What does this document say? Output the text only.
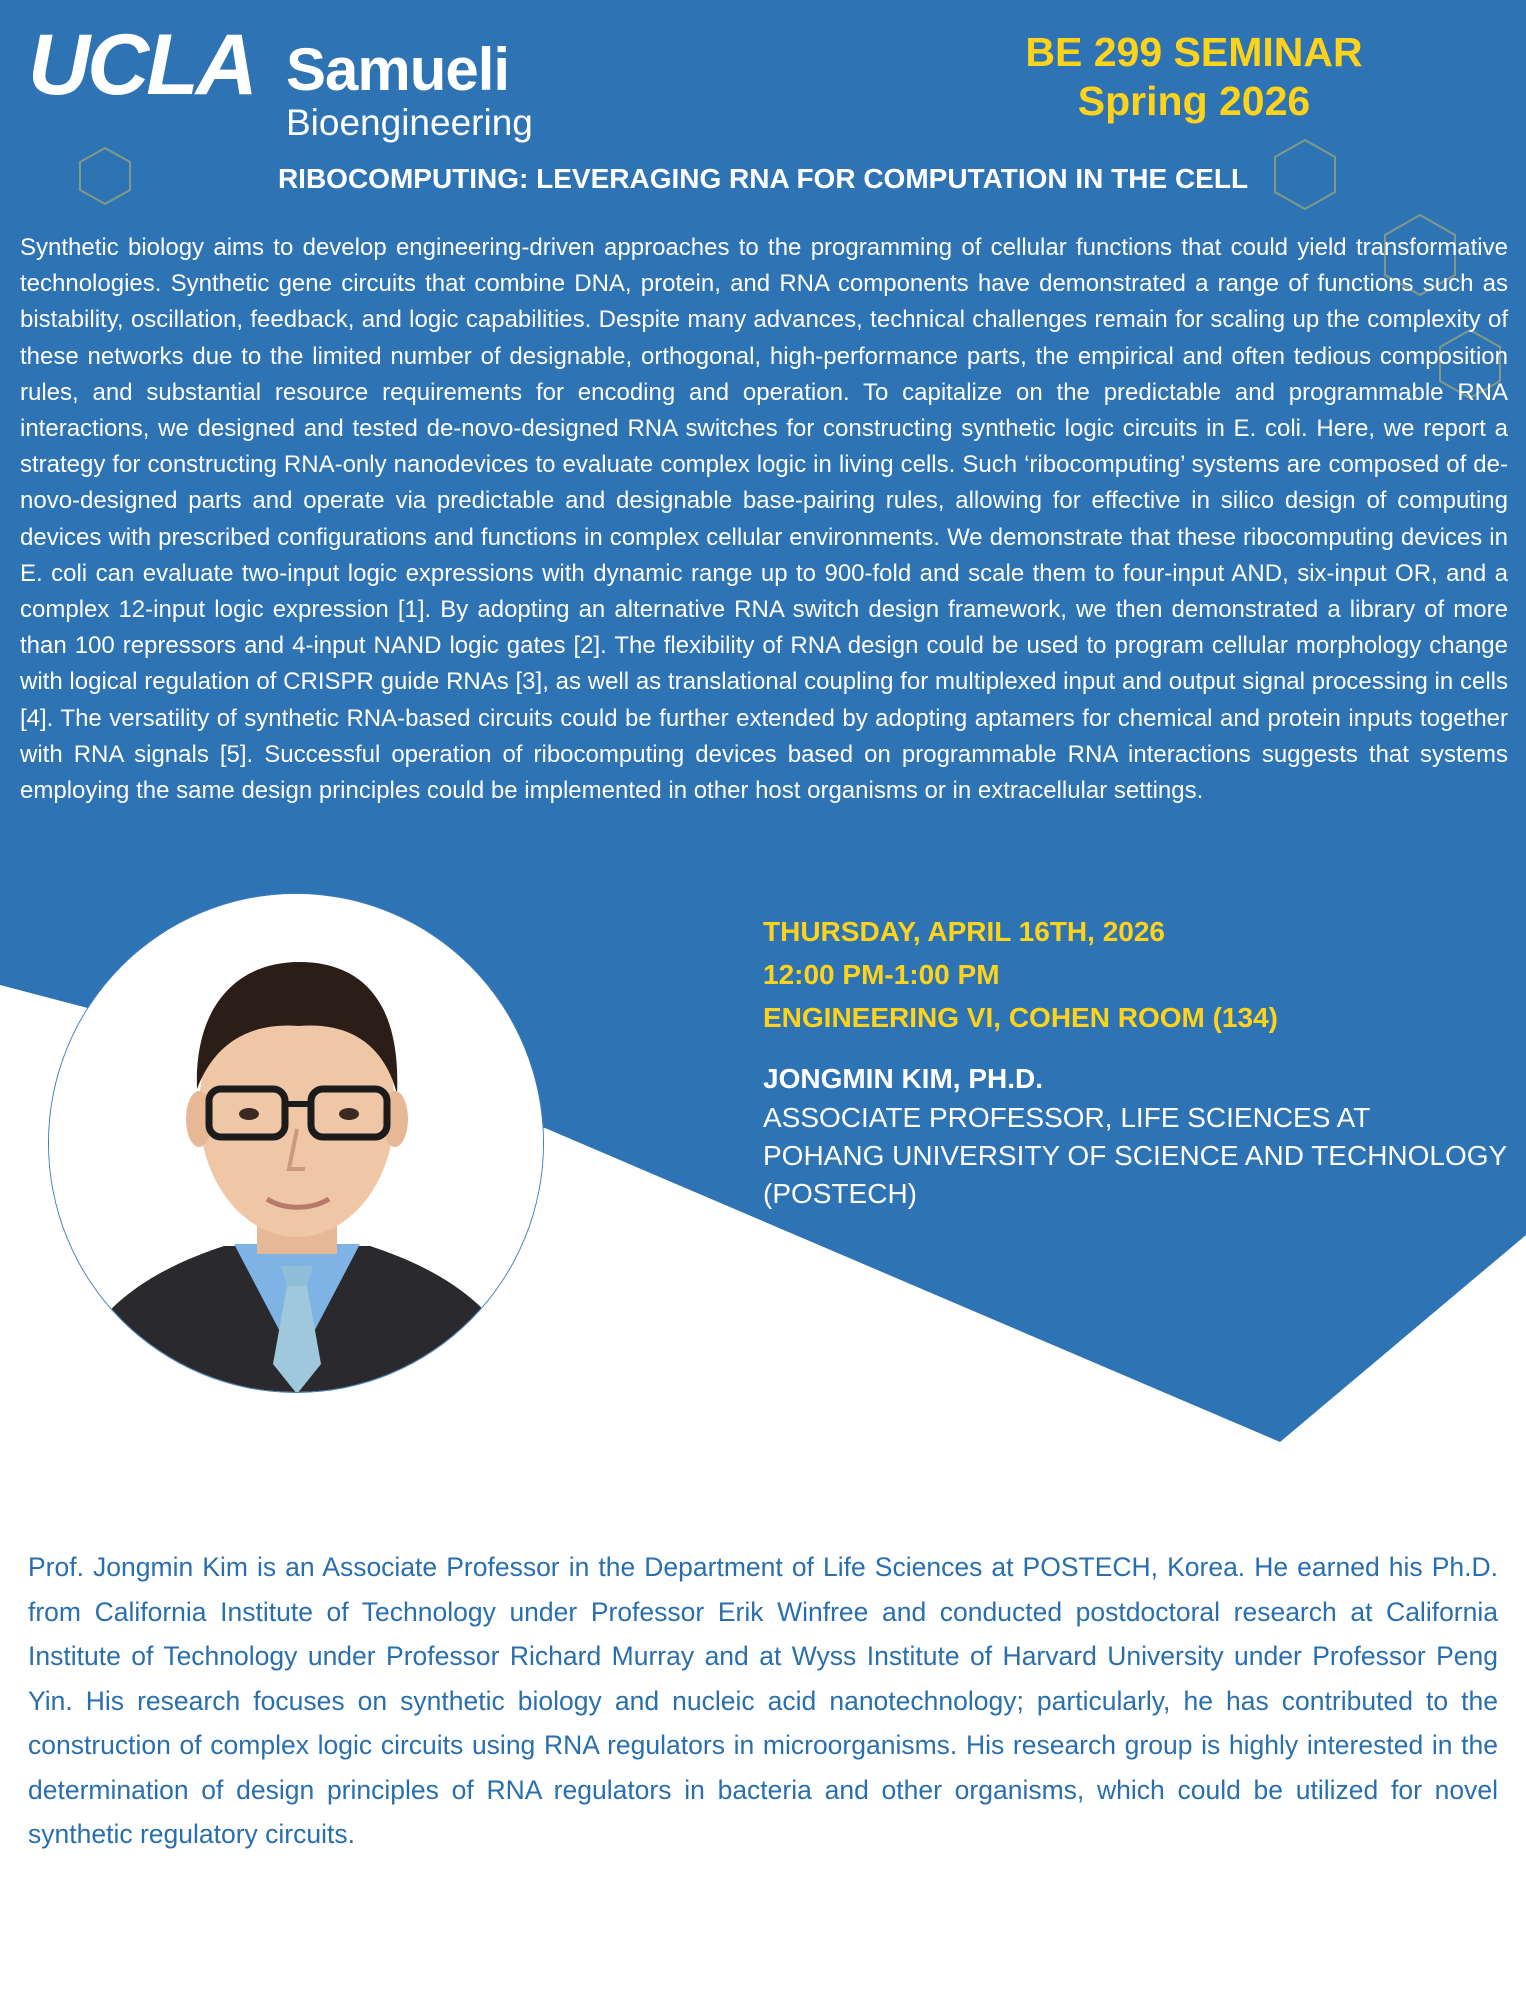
UCLA Samueli
Bioengineering
BE 299 SEMINAR
Spring 2026
RIBOCOMPUTING: LEVERAGING RNA FOR COMPUTATION IN THE CELL

Synthetic biology aims to develop engineering-driven approaches to the programming of cellular functions that could yield transformative technologies. Synthetic gene circuits that combine DNA, protein, and RNA components have demonstrated a range of functions such as bistability, oscillation, feedback, and logic capabilities. Despite many advances, technical challenges remain for scaling up the complexity of these networks due to the limited number of designable, orthogonal, high-performance parts, the empirical and often tedious composition rules, and substantial resource requirements for encoding and operation. To capitalize on the predictable and programmable RNA interactions, we designed and tested de-novo-designed RNA switches for constructing synthetic logic circuits in E. coli. Here, we report a strategy for constructing RNA-only nanodevices to evaluate complex logic in living cells. Such ‘ribocomputing’ systems are composed of de-novo-designed parts and operate via predictable and designable base-pairing rules, allowing for effective in silico design of computing devices with prescribed configurations and functions in complex cellular environments. We demonstrate that these ribocomputing devices in E. coli can evaluate two-input logic expressions with dynamic range up to 900-fold and scale them to four-input AND, six-input OR, and a complex 12-input logic expression [1]. By adopting an alternative RNA switch design framework, we then demonstrated a library of more than 100 repressors and 4-input NAND logic gates [2]. The flexibility of RNA design could be used to program cellular morphology change with logical regulation of CRISPR guide RNAs [3], as well as translational coupling for multiplexed input and output signal processing in cells [4]. The versatility of synthetic RNA-based circuits could be further extended by adopting aptamers for chemical and protein inputs together with RNA signals [5]. Successful operation of ribocomputing devices based on programmable RNA interactions suggests that systems employing the same design principles could be implemented in other host organisms or in extracellular settings.

THURSDAY, APRIL 16TH, 2026
12:00 PM-1:00 PM
ENGINEERING VI, COHEN ROOM (134)
JONGMIN KIM, PH.D.
ASSOCIATE PROFESSOR, LIFE SCIENCES AT
POHANG UNIVERSITY OF SCIENCE AND TECHNOLOGY
(POSTECH)

Prof. Jongmin Kim is an Associate Professor in the Department of Life Sciences at POSTECH, Korea. He earned his Ph.D. from California Institute of Technology under Professor Erik Winfree and conducted postdoctoral research at California Institute of Technology under Professor Richard Murray and at Wyss Institute of Harvard University under Professor Peng Yin. His research focuses on synthetic biology and nucleic acid nanotechnology; particularly, he has contributed to the construction of complex logic circuits using RNA regulators in microorganisms. His research group is highly interested in the determination of design principles of RNA regulators in bacteria and other organisms, which could be utilized for novel synthetic regulatory circuits.
